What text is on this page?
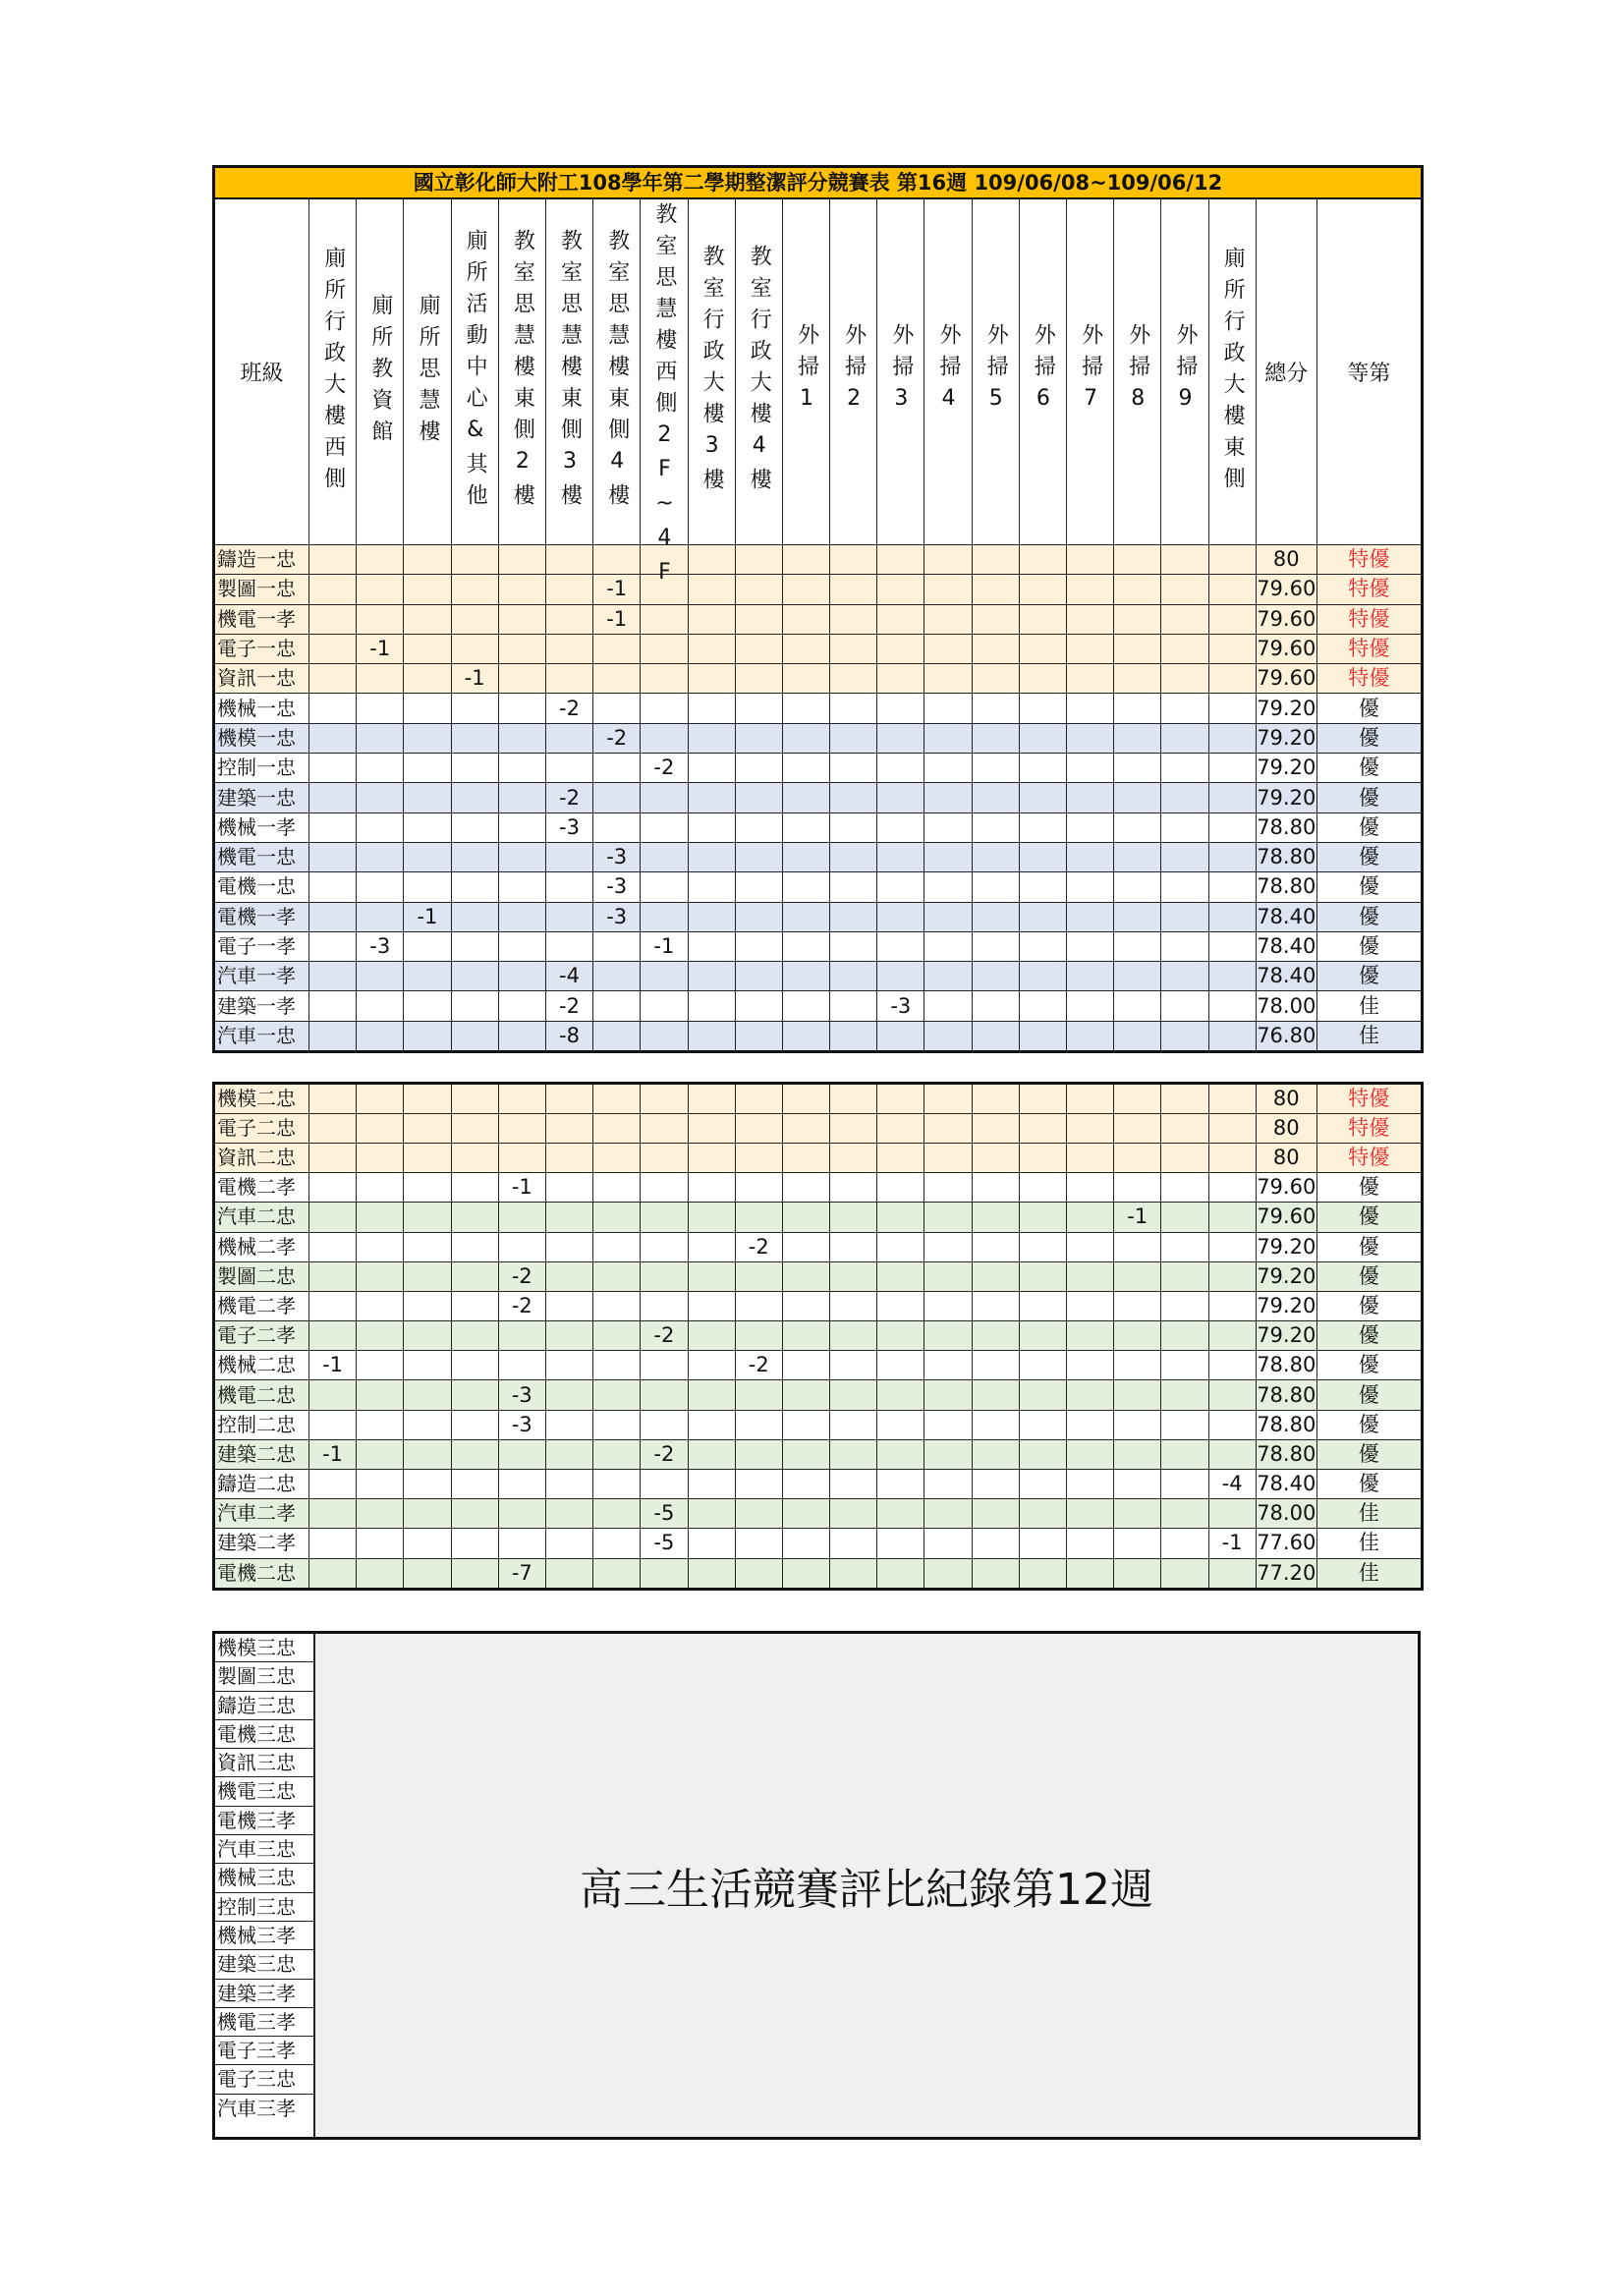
國立彰化師大附工108學年第二學期整潔評分競賽表 第16週 109/06/08~109/06/12																						
班級	廁所行政大樓西側	廁所教資館	廁所思慧樓	廁所活動中心&其他	教室思慧樓東側2樓	教室思慧樓東側3樓	教室思慧樓東側4樓	教室思慧樓西側2F~4F	教室行政大樓3樓	教室行政大樓4樓	外掃1	外掃2	外掃3	外掃4	外掃5	外掃6	外掃7	外掃8	外掃9	廁所行政大樓東側	總分	等第
鑄造一忠																					80	特優
製圖一忠							-1														79.60	特優
機電一孝							-1														79.60	特優
電子一忠		-1																			79.60	特優
資訊一忠				-1																	79.60	特優
機械一忠						-2															79.20	優
機模一忠							-2														79.20	優
控制一忠								-2													79.20	優
建築一忠						-2															79.20	優
機械一孝						-3															78.80	優
機電一忠							-3														78.80	優
電機一忠							-3														78.80	優
電機一孝			-1				-3														78.40	優
電子一孝		-3						-1													78.40	優
汽車一孝						-4															78.40	優
建築一孝						-2							-3								78.00	佳
汽車一忠						-8															76.80	佳
機模二忠																					80	特優
電子二忠																					80	特優
資訊二忠																					80	特優
電機二孝					-1																79.60	優
汽車二忠																		-1			79.60	優
機械二孝										-2											79.20	優
製圖二忠					-2																79.20	優
機電二孝					-2																79.20	優
電子二孝								-2													79.20	優
機械二忠	-1									-2											78.80	優
機電二忠					-3																78.80	優
控制二忠					-3																78.80	優
建築二忠	-1							-2													78.80	優
鑄造二忠																				-4	78.40	優
汽車二孝								-5													78.00	佳
建築二孝								-5												-1	77.60	佳
電機二忠					-7																77.20	佳
機模三忠
製圖三忠
鑄造三忠
電機三忠
資訊三忠
機電三忠
電機三孝
汽車三忠
機械三忠
控制三忠
機械三孝
建築三忠
建築三孝
機電三孝
電子三孝
電子三忠
汽車三孝
高三生活競賽評比紀錄第12週
